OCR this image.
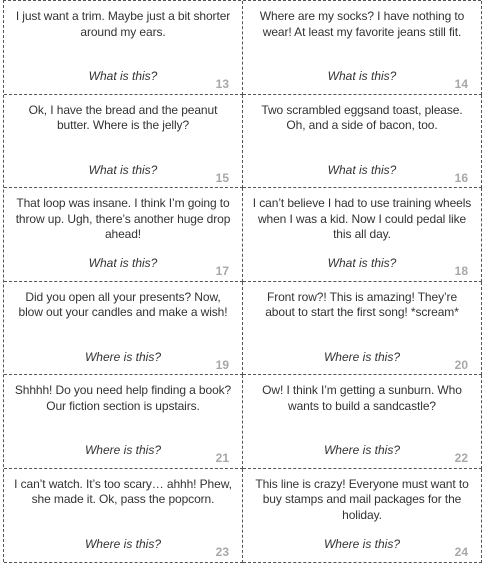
I just want a trim. Maybe just a bit shorter around my ears.
What is this?
13
Where are my socks? I have nothing to wear! At least my favorite jeans still fit.
What is this?
14
Ok, I have the bread and the peanut butter. Where is the jelly?
What is this?
15
Two scrambled eggsand toast, please. Oh, and a side of bacon, too.
What is this?
16
That loop was insane. I think I’m going to throw up. Ugh, there’s another huge drop ahead!
What is this?
17
I can’t believe I had to use training wheels when I was a kid. Now I could pedal like this all day.
What is this?
18
Did you open all your presents? Now, blow out your candles and make a wish!
Where is this?
19
Front row?! This is amazing! They’re about to start the first song! *scream*
Where is this?
20
Shhhh! Do you need help finding a book? Our fiction section is upstairs.
Where is this?
21
Ow! I think I’m getting a sunburn. Who wants to build a sandcastle?
Where is this?
22
I can’t watch. It’s too scary… ahhh! Phew, she made it. Ok, pass the popcorn.
Where is this?
23
This line is crazy! Everyone must want to buy stamps and mail packages for the holiday.
Where is this?
24
